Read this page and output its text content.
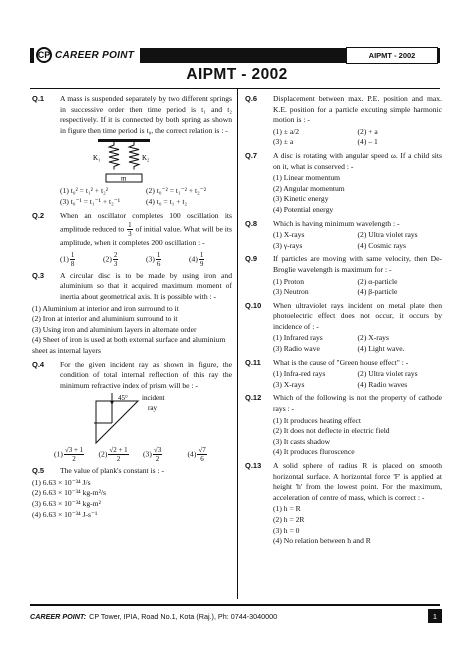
CP CAREER POINT	AIPMT - 2002
AIPMT - 2002
Q.1 A mass is suspended separately by two different springs in successive order then time period is t₁ and t₂ respectively. If it is connected by both spring as shown in figure then time period is t₀, the correct relation is : -
K₁	K₂
m
(1) t₀² = t₁² + t₂²	(2) t₀⁻² = t₁⁻² + t₂⁻²
(3) t₀⁻¹ = t₁⁻¹ + t₂⁻¹	(4) t₀ = t₁ + t₂
Q.2 When an oscillator completes 100 oscillation its amplitude reduced to $\frac{1}{3}$ of initial value. What will be its amplitude, when it completes 200 oscillation : -
$(1) \frac{1}{8}$	$(2) \frac{2}{3}$	$(3) \frac{1}{6}$	$(4) \frac{1}{9}$
Q.3 A circular disc is to be made by using iron and aluminium so that it acquired maximum moment of inertia about geometrical axis. It is possible with : -
(1) Aluminium at interior and iron surround to it
(2) Iron at interior and aluminium surround to it
(3) Using iron and aluminium layers in alternate order
(4) Sheet of iron is used at both external surface and aluminium sheet as internal layers
Q.4 For the given incident ray as shown in figure, the condition of total internal reflection of this ray the minimum refractive index of prism will be : -
45° incident
ray
$(1) \frac{√3 + 1}{2} (2) \frac{√2 + 1}{2} (3) \frac{√3}{2}$	$(4) \frac{√7}{6}$
Q.5 The value of plank's constant is : -
(1) 6.63 × 10⁻³⁴ J/s
(2) 6.63 × 10⁻³⁴ kg-m²/s
(3) 6.63 × 10⁻³⁴ kg-m²
(4) 6.63 × 10⁻³⁴ J-s⁻¹
Q.6 Displacement between max. P.E. position and max. K.E. position for a particle excuting simple harmonic motion is : -
(1) ± a/2	(2) + a
(3) ± a	(4) – 1
Q.7 A disc is rotating with angular speed ω. If a child sits on it, what is conserved : -
(1) Linear momentum
(2) Angular momentum
(3) Kinetic energy
(4) Potential energy
Q.8 Which is having minimum wavelength : -
(1) X-rays	(2) Ultra violet rays
(3) γ-rays	(4) Cosmic rays
Q.9 If particles are moving with same velocity, then De-Broglie wavelength is maximum for : -
(1) Proton	(2) α-particle
(3) Neutron	(4) β-particle
Q.10 When ultraviolet rays incident on metal plate then photoelectric effect does not occur, it occurs by incidence of : -
(1) Infrared rays	(2) X-rays
(3) Radio wave	(4) Light wave.
Q.11 What is the cause of "Green house effect" : -
(1) Infra-red rays	(2) Ultra violet rays
(3) X-rays	(4) Radio waves
Q.12 Which of the following is not the property of cathode rays : -
(1) It produces heating effect
(2) It does not deflecte in electric field
(3) It casts shadow
(4) It produces fluroscence
Q.13 A solid sphere of radius R is placed on smooth horizontal surface. A horizontal force 'F' is applied at height 'h' from the lowest point. For the maximum, acceleration of centre of mass, which is correct : -
(1) h = R
(2) h = 2R
(3) h = 0
(4) No relation between h and R
CAREER POINT: CP Tower, IPIA, Road No.1, Kota (Raj.), Ph: 0744-3040000	1
